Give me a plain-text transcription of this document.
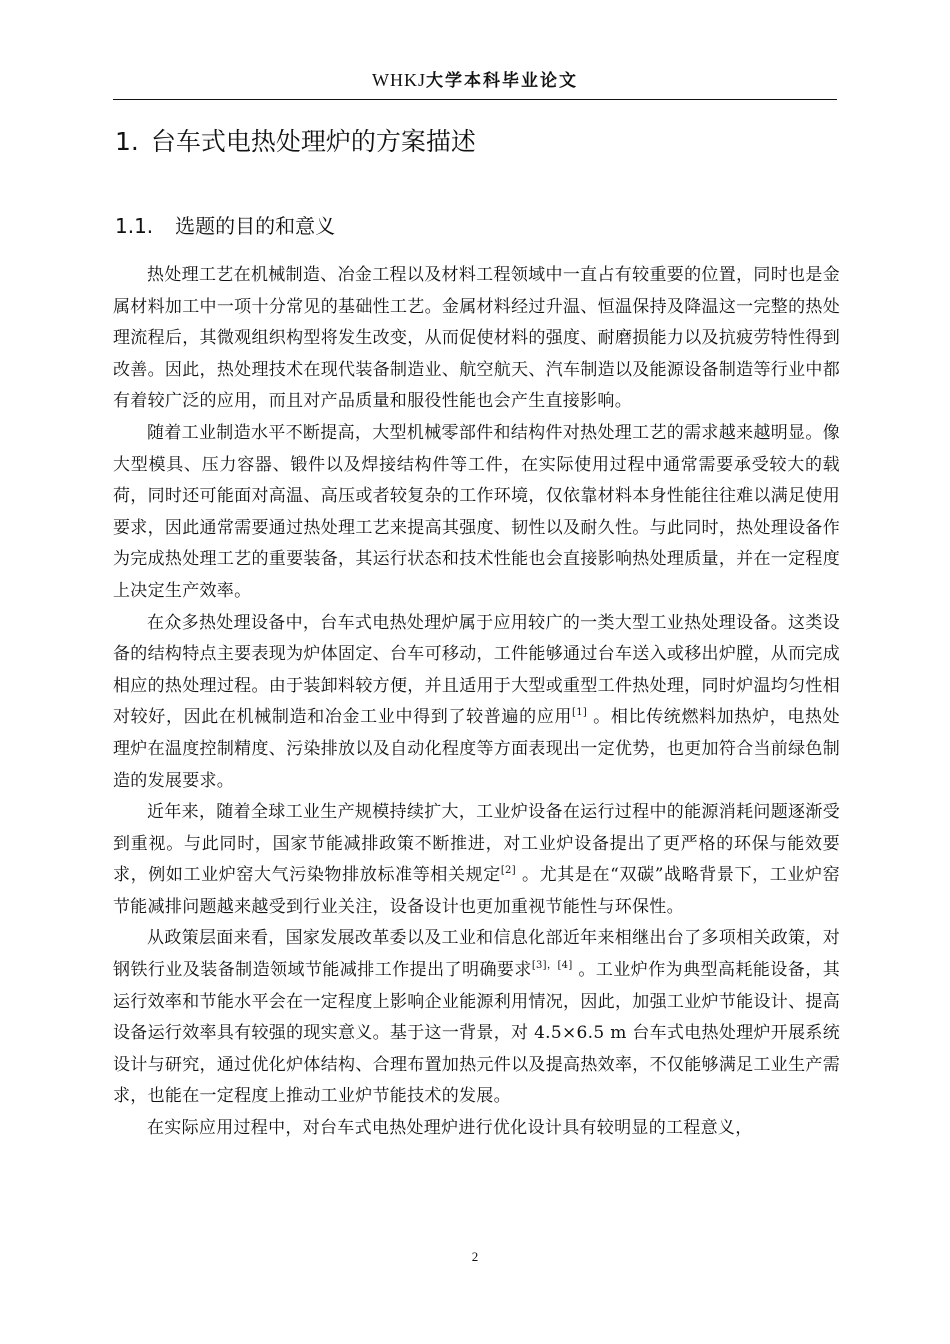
WHKJ大学本科毕业论文
1. 台车式电热处理炉的方案描述
1.1. 选题的目的和意义

热处理工艺在机械制造、冶金工程以及材料工程领域中一直占有较重要的位置，同时也是金属材料加工中一项十分常见的基础性工艺。金属材料经过升温、恒温保持及降温这一完整的热处理流程后，其微观组织构型将发生改变，从而促使材料的强度、耐磨损能力以及抗疲劳特性得到改善。因此，热处理技术在现代装备制造业、航空航天、汽车制造以及能源设备制造等行业中都有着较广泛的应用，而且对产品质量和服役性能也会产生直接影响。

随着工业制造水平不断提高，大型机械零部件和结构件对热处理工艺的需求越来越明显。像大型模具、压力容器、锻件以及焊接结构件等工件，在实际使用过程中通常需要承受较大的载荷，同时还可能面对高温、高压或者较复杂的工作环境，仅依靠材料本身性能往往难以满足使用要求，因此通常需要通过热处理工艺来提高其强度、韧性以及耐久性。与此同时，热处理设备作为完成热处理工艺的重要装备，其运行状态和技术性能也会直接影响热处理质量，并在一定程度上决定生产效率。

在众多热处理设备中，台车式电热处理炉属于应用较广的一类大型工业热处理设备。这类设备的结构特点主要表现为炉体固定、台车可移动，工件能够通过台车送入或移出炉膛，从而完成相应的热处理过程。由于装卸料较方便，并且适用于大型或重型工件热处理，同时炉温均匀性相对较好，因此在机械制造和冶金工业中得到了较普遍的应用[1] 。相比传统燃料加热炉，电热处理炉在温度控制精度、污染排放以及自动化程度等方面表现出一定优势，也更加符合当前绿色制造的发展要求。

近年来，随着全球工业生产规模持续扩大，工业炉设备在运行过程中的能源消耗问题逐渐受到重视。与此同时，国家节能减排政策不断推进，对工业炉设备提出了更严格的环保与能效要求，例如工业炉窑大气污染物排放标准等相关规定[2] 。尤其是在“双碳”战略背景下，工业炉窑节能减排问题越来越受到行业关注，设备设计也更加重视节能性与环保性。

从政策层面来看，国家发展改革委以及工业和信息化部近年来相继出台了多项相关政策，对钢铁行业及装备制造领域节能减排工作提出了明确要求[3]，[4] 。工业炉作为典型高耗能设备，其运行效率和节能水平会在一定程度上影响企业能源利用情况，因此，加强工业炉节能设计、提高设备运行效率具有较强的现实意义。基于这一背景，对 4.5×6.5 m 台车式电热处理炉开展系统设计与研究，通过优化炉体结构、合理布置加热元件以及提高热效率，不仅能够满足工业生产需求，也能在一定程度上推动工业炉节能技术的发展。

在实际应用过程中，对台车式电热处理炉进行优化设计具有较明显的工程意义，

2
